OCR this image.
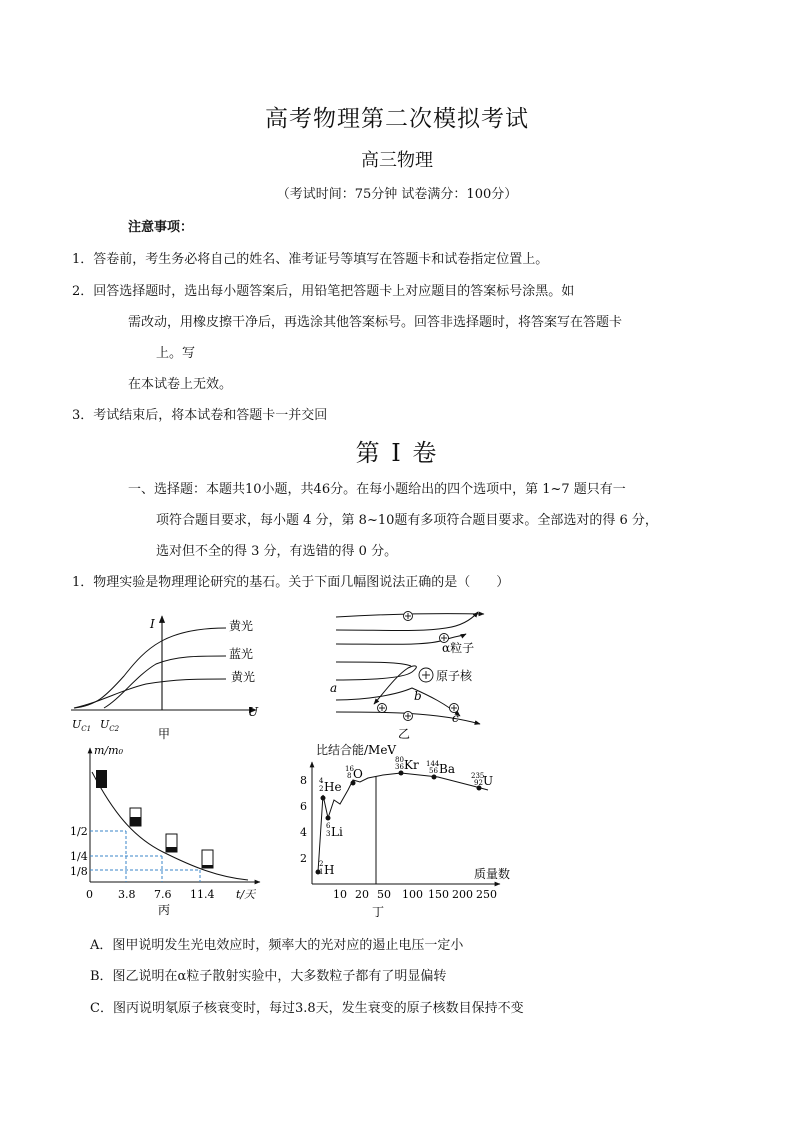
高考物理第二次模拟考试
高三物理
（考试时间：75分钟 试卷满分：100分）
注意事项：
1．答卷前，考生务必将自己的姓名、准考证号等填写在答题卡和试卷指定位置上。
2．回答选择题时，选出每小题答案后，用铅笔把答题卡上对应题目的答案标号涂黑。如
需改动，用橡皮擦干净后，再选涂其他答案标号。回答非选择题时，将答案写在答题卡
上。写
在本试卷上无效。
3．考试结束后，将本试卷和答题卡一并交回
第 I 卷
一、选择题：本题共10小题，共46分。在每小题给出的四个选项中，第 1~7 题只有一
项符合题目要求，每小题 4 分，第 8~10题有多项符合题目要求。全部选对的得 6 分，
选对但不全的得 3 分，有选错的得 0 分。
1．物理实验是物理理论研究的基石。关于下面几幅图说法正确的是（　　）
I
U
黄光
蓝光
黄光
$U_{C1}$ $U_{C2}$	甲
α粒子
原子核
a
b
c
乙
m/m₀
t/天
1/2
1/4
1/8
0 3.8 7.6 11.4
丙
比结合能/MeV
质量数
8
6
4
2
10 20 50 100 150 200 250
4
2 He
6
3 Li
16
8 O
80
36 Kr 144
56 Ba 235
92 U
2
1 H
丁
A．图甲说明发生光电效应时，频率大的光对应的遏止电压一定小
B．图乙说明在α粒子散射实验中，大多数粒子都有了明显偏转
C．图丙说明氡原子核衰变时，每过3.8天，发生衰变的原子核数目保持不变
